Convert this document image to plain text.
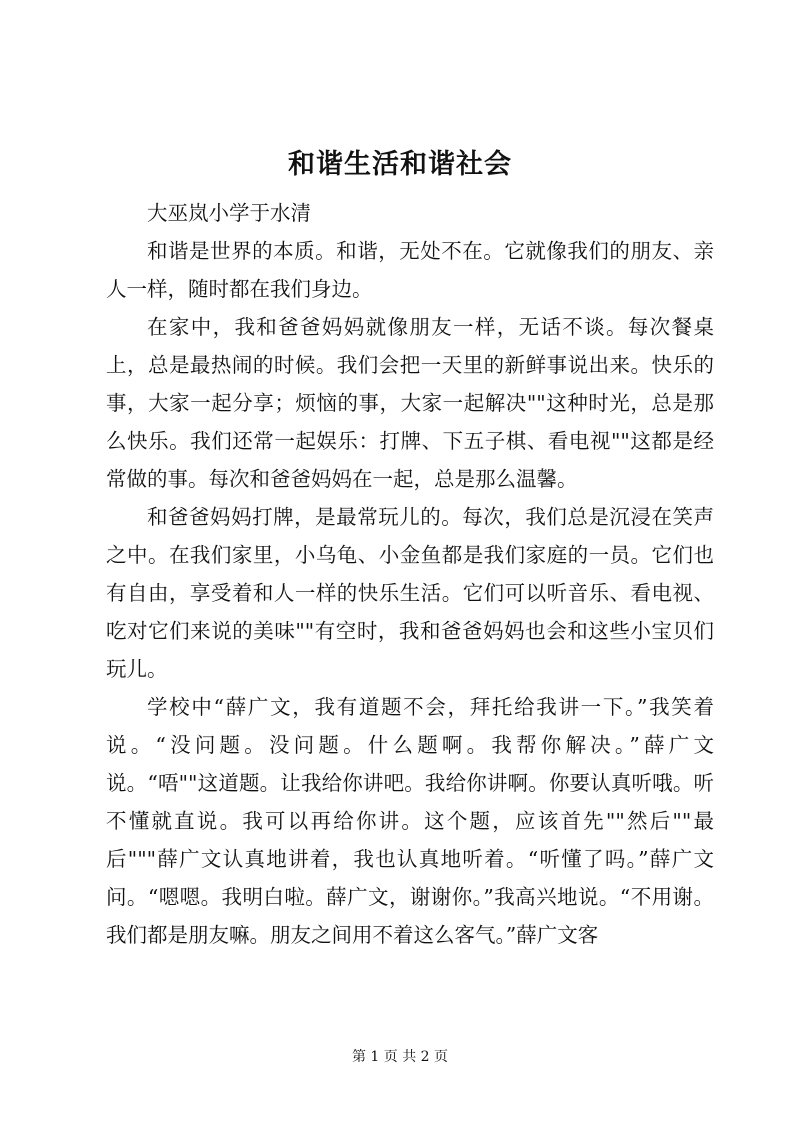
和谐生活和谐社会

大巫岚小学于水清

和谐是世界的本质。和谐，无处不在。它就像我们的朋友、亲人一样，随时都在我们身边。

在家中，我和爸爸妈妈就像朋友一样，无话不谈。每次餐桌上，总是最热闹的时候。我们会把一天里的新鲜事说出来。快乐的事，大家一起分享；烦恼的事，大家一起解决""这种时光，总是那么快乐。我们还常一起娱乐：打牌、下五子棋、看电视""这都是经常做的事。每次和爸爸妈妈在一起，总是那么温馨。

和爸爸妈妈打牌，是最常玩儿的。每次，我们总是沉浸在笑声之中。在我们家里，小乌龟、小金鱼都是我们家庭的一员。它们也有自由，享受着和人一样的快乐生活。它们可以听音乐、看电视、吃对它们来说的美味""有空时，我和爸爸妈妈也会和这些小宝贝们玩儿。

学校中“薛广文，我有道题不会，拜托给我讲一下。”我笑着说。“没问题。没问题。什么题啊。我帮你解决。”薛广文说。“唔""这道题。让我给你讲吧。我给你讲啊。你要认真听哦。听不懂就直说。我可以再给你讲。这个题，应该首先""然后""最后"""薛广文认真地讲着，我也认真地听着。“听懂了吗。”薛广文问。“嗯嗯。我明白啦。薛广文，谢谢你。”我高兴地说。“不用谢。我们都是朋友嘛。朋友之间用不着这么客气。”薛广文客

第 1 页 共 2 页
